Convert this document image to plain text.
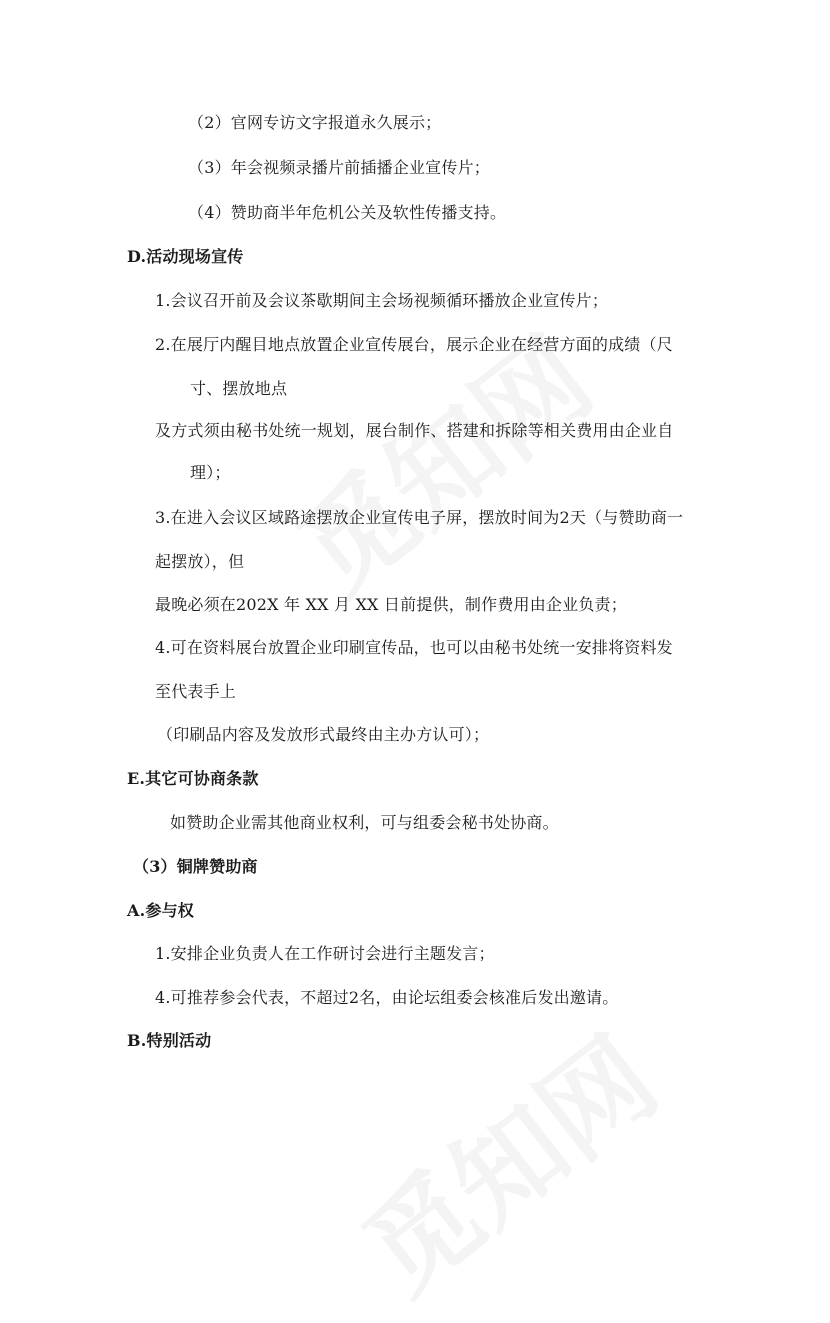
（2）官网专访文字报道永久展示；
（3）年会视频录播片前插播企业宣传片；
（4）赞助商半年危机公关及软性传播支持。
D.活动现场宣传
1.会议召开前及会议茶歇期间主会场视频循环播放企业宣传片；
2.在展厅内醒目地点放置企业宣传展台，展示企业在经营方面的成绩（尺
寸、摆放地点
及方式须由秘书处统一规划，展台制作、搭建和拆除等相关费用由企业自
理）；
3.在进入会议区域路途摆放企业宣传电子屏，摆放时间为2天（与赞助商一
起摆放），但
最晚必须在202X 年 XX 月 XX 日前提供，制作费用由企业负责；
4.可在资料展台放置企业印刷宣传品，也可以由秘书处统一安排将资料发
至代表手上
（印刷品内容及发放形式最终由主办方认可）；
E.其它可协商条款
如赞助企业需其他商业权利，可与组委会秘书处协商。
（3）铜牌赞助商
A.参与权
1.安排企业负责人在工作研讨会进行主题发言；
4.可推荐参会代表，不超过2名，由论坛组委会核准后发出邀请。
B.特别活动
